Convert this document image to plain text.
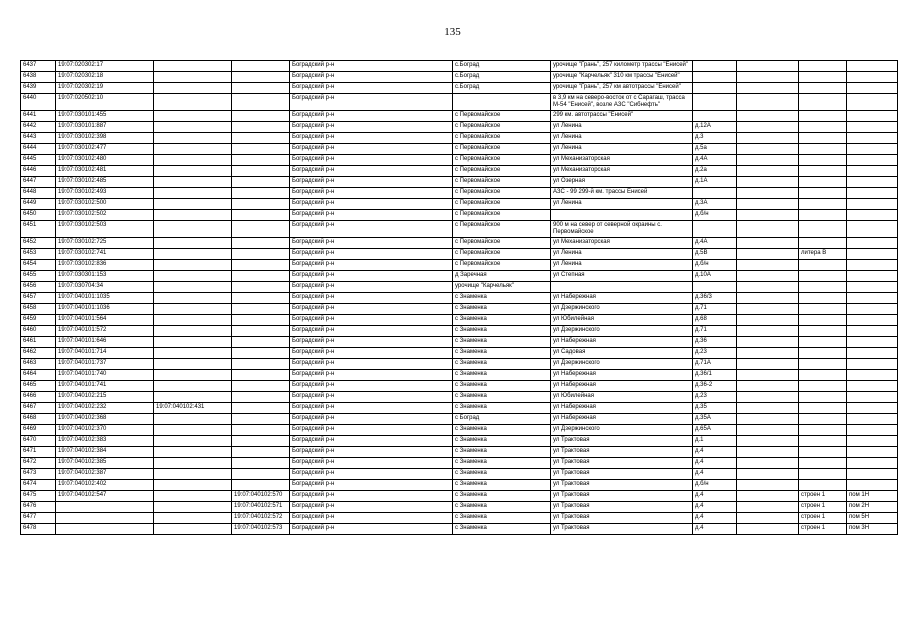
135
6437	19:07:020302:17			Боградский р-н	с.Боград	урочище "Грань", 257 километр трассы "Енисей"				
6438	19:07:020302:18			Боградский р-н	с.Боград	урочище "Карчельяк" 310 км трассы "Енисей"				
6439	19:07:020302:19			Боградский р-н	с.Боград	урочище "Грань", 257 км автотрассы "Енисей"				
6440	19:07:020502:10			Боградский р-н		в 3,9 км на северо-восток от с Сарагаш, трасса М-54 "Енисей", возле АЗС "Сибнефть"				
6441	19:07:030101:455			Боградский р-н	с Первомайское	299 км. автотрассы "Енисей"				
6442	19:07:030101:887			Боградский р-н	с Первомайское	ул Ленина	д.12А			
6443	19:07:030102:398			Боградский р-н	с Первомайское	ул Ленина	д.3			
6444	19:07:030102:477			Боградский р-н	с Первомайское	ул Ленина	д.5а			
6445	19:07:030102:480			Боградский р-н	с Первомайское	ул Механизаторская	д.4А			
6446	19:07:030102:481			Боградский р-н	с Первомайское	ул Механизаторская	д.2а			
6447	19:07:030102:485			Боградский р-н	с Первомайское	ул Озерная	д.1А			
6448	19:07:030102:493			Боградский р-н	с Первомайское	АЗС - 99 299-й км. трассы Енисей				
6449	19:07:030102:500			Боградский р-н	с Первомайское	ул Ленина	д.3А			
6450	19:07:030102:502			Боградский р-н	с Первомайское		д.б/н			
6451	19:07:030102:503			Боградский р-н	с Первомайское	900 м на север от северной окраины с. Первомайское				
6452	19:07:030102:725			Боградский р-н	с Первомайское	ул Механизаторская	д.4А			
6453	19:07:030102:741			Боградский р-н	с Первомайское	ул Ленина	д.5В		литера В	
6454	19:07:030102:836			Боградский р-н	с Первомайское	ул Ленина	д.б/н			
6455	19:07:030301:153			Боградский р-н	д Заречная	ул Степная	д.10А			
6456	19:07:030704:34			Боградский р-н	урочище "Карчельяк"					
6457	19:07:040101:1035			Боградский р-н	с Знаменка	ул Набережная	д.36/3			
6458	19:07:040101:1036			Боградский р-н	с Знаменка	ул Дзержинского	д.71			
6459	19:07:040101:564			Боградский р-н	с Знаменка	ул Юбилейная	д.68			
6460	19:07:040101:572			Боградский р-н	с Знаменка	ул Дзержинского	д.71			
6461	19:07:040101:646			Боградский р-н	с Знаменка	ул Набережная	д.36			
6462	19:07:040101:714			Боградский р-н	с Знаменка	ул Садовая	д.23			
6463	19:07:040101:737			Боградский р-н	с Знаменка	ул Дзержинского	д.71А			
6464	19:07:040101:740			Боградский р-н	с Знаменка	ул Набережная	д.36/1			
6465	19:07:040101:741			Боградский р-н	с Знаменка	ул Набережная	д.36-2			
6466	19:07:040102:215			Боградский р-н	с Знаменка	ул Юбилейная	д.23			
6467	19:07:040102:232	19:07:040102:431		Боградский р-н	с Знаменка	ул Набережная	д.35			
6468	19:07:040102:368			Боградский р-н	с Боград	ул Набережная	д.35А			
6469	19:07:040102:370			Боградский р-н	с Знаменка	ул Дзержинского	д.65А			
6470	19:07:040102:383			Боградский р-н	с Знаменка	ул Трактовая	д.1			
6471	19:07:040102:384			Боградский р-н	с Знаменка	ул Трактовая	д.4			
6472	19:07:040102:385			Боградский р-н	с Знаменка	ул Трактовая	д.4			
6473	19:07:040102:387			Боградский р-н	с Знаменка	ул Трактовая	д.4			
6474	19:07:040102:402			Боградский р-н	с Знаменка	ул Трактовая	д.б/н			
6475	19:07:040102:547		19:07:040102:570	Боградский р-н	с Знаменка	ул Трактовая	д.4		строен 1	пом 1Н
6476			19:07:040102:571	Боградский р-н	с Знаменка	ул Трактовая	д.4		строен 1	пом 2Н
6477			19:07:040102:572	Боградский р-н	с Знаменка	ул Трактовая	д.4		строен 1	пом 5Н
6478			19:07:040102:573	Боградский р-н	с Знаменка	ул Трактовая	д.4		строен 1	пом 3Н
